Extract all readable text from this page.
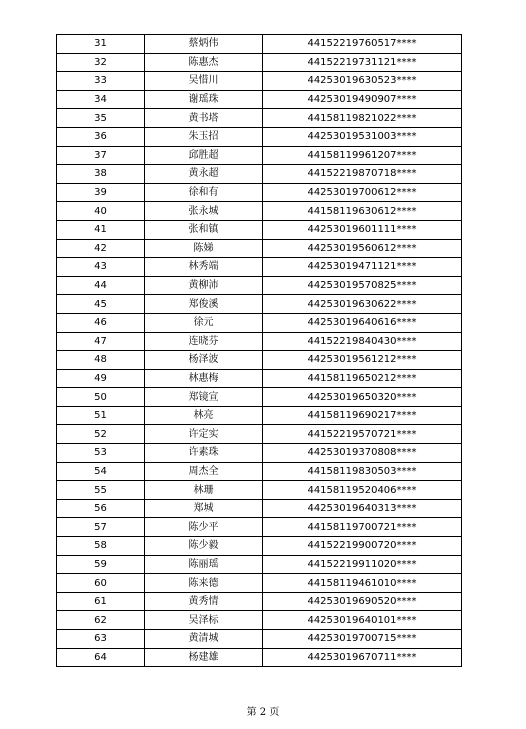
31	蔡炳伟	44152219760517****
32	陈惠杰	44152219731121****
33	吴惜川	44253019630523****
34	谢瑶珠	44253019490907****
35	黄书塔	44158119821022****
36	朱玉招	44253019531003****
37	邱胜超	44158119961207****
38	黄永超	44152219870718****
39	徐和有	44253019700612****
40	张永城	44158119630612****
41	张和镇	44253019601111****
42	陈娣	44253019560612****
43	林秀端	44253019471121****
44	黄柳沛	44253019570825****
45	郑俊溪	44253019630622****
46	徐元	44253019640616****
47	连晓芬	44152219840430****
48	杨泽波	44253019561212****
49	林惠梅	44158119650212****
50	郑镜宣	44253019650320****
51	林亮	44158119690217****
52	许定实	44152219570721****
53	许素珠	44253019370808****
54	周杰全	44158119830503****
55	林珊	44158119520406****
56	郑城	44253019640313****
57	陈少平	44158119700721****
58	陈少毅	44152219900720****
59	陈丽瑶	44152219911020****
60	陈来德	44158119461010****
61	黄秀情	44253019690520****
62	吴泽标	44253019640101****
63	黄清城	44253019700715****
64	杨建雄	44253019670711****
第 2 页
